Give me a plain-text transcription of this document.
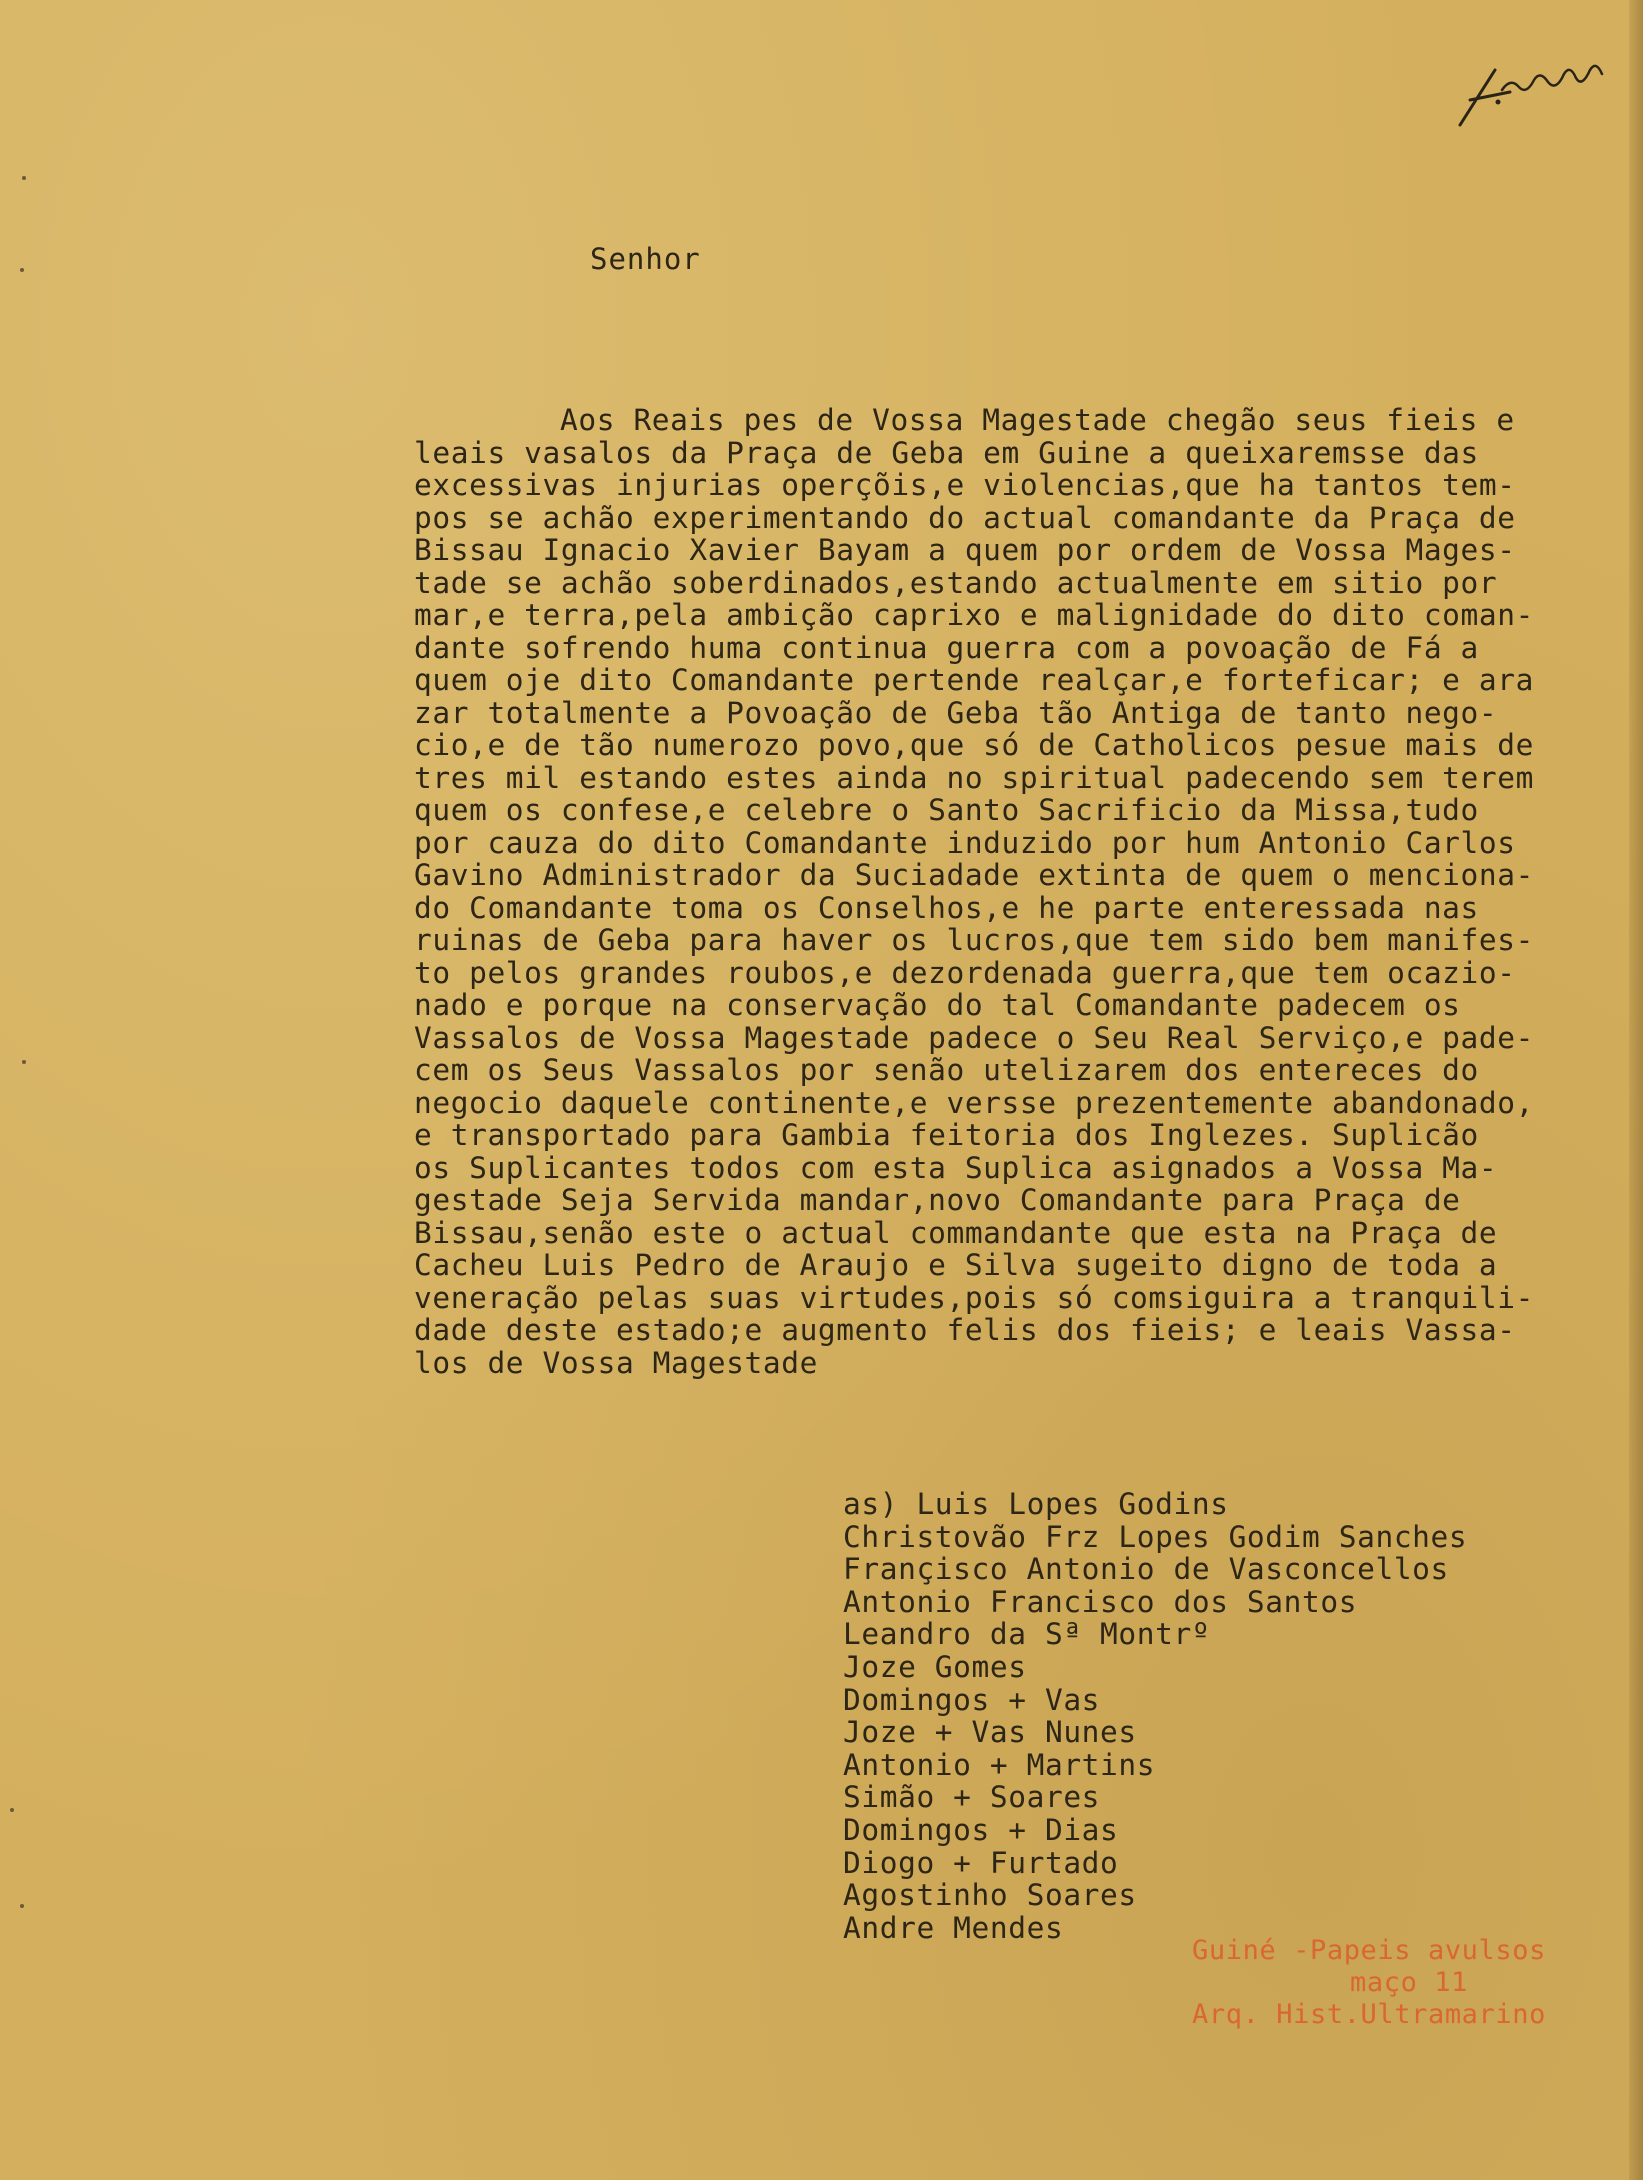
Senhor
Aos Reais pes de Vossa Magestade chegão seus fieis e
leais vasalos da Praça de Geba em Guine a queixaremsse das
excessivas injurias operçõis,e violencias,que ha tantos tem-
pos se achão experimentando do actual comandante da Praça de
Bissau Ignacio Xavier Bayam a quem por ordem de Vossa Mages-
tade se achão soberdinados,estando actualmente em sitio por
mar,e terra,pela ambição caprixo e malignidade do dito coman-
dante sofrendo huma continua guerra com a povoação de Fá a
quem oje dito Comandante pertende realçar,e forteficar; e ara
zar totalmente a Povoação de Geba tão Antiga de tanto nego-
cio,e de tão numerozo povo,que só de Catholicos pesue mais de
tres mil estando estes ainda no spiritual padecendo sem terem
quem os confese,e celebre o Santo Sacrificio da Missa,tudo
por cauza do dito Comandante induzido por hum Antonio Carlos
Gavino Administrador da Suciadade extinta de quem o menciona-
do Comandante toma os Conselhos,e he parte enteressada nas
ruinas de Geba para haver os lucros,que tem sido bem manifes-
to pelos grandes roubos,e dezordenada guerra,que tem ocazio-
nado e porque na conservação do tal Comandante padecem os
Vassalos de Vossa Magestade padece o Seu Real Serviço,e pade-
cem os Seus Vassalos por senão utelizarem dos entereces do
negocio daquele continente,e versse prezentemente abandonado,
e transportado para Gambia feitoria dos Inglezes. Suplicão
os Suplicantes todos com esta Suplica asignados a Vossa Ma-
gestade Seja Servida mandar,novo Comandante para Praça de
Bissau,senão este o actual commandante que esta na Praça de
Cacheu Luis Pedro de Araujo e Silva sugeito digno de toda a
veneração pelas suas virtudes,pois só comsiguira a tranquili-
dade deste estado;e augmento felis dos fieis; e leais Vassa-
los de Vossa Magestade
as) Luis Lopes Godins
Christovão Frz Lopes Godim Sanches
Françisco Antonio de Vasconcellos
Antonio Francisco dos Santos
Leandro da Sª Montrº
Joze Gomes
Domingos + Vas
Joze + Vas Nunes
Antonio + Martins
Simão + Soares
Domingos + Dias
Diogo + Furtado
Agostinho Soares
Andre Mendes
Guiné -Papeis avulsos
maço 11
Arq. Hist.Ultramarino
